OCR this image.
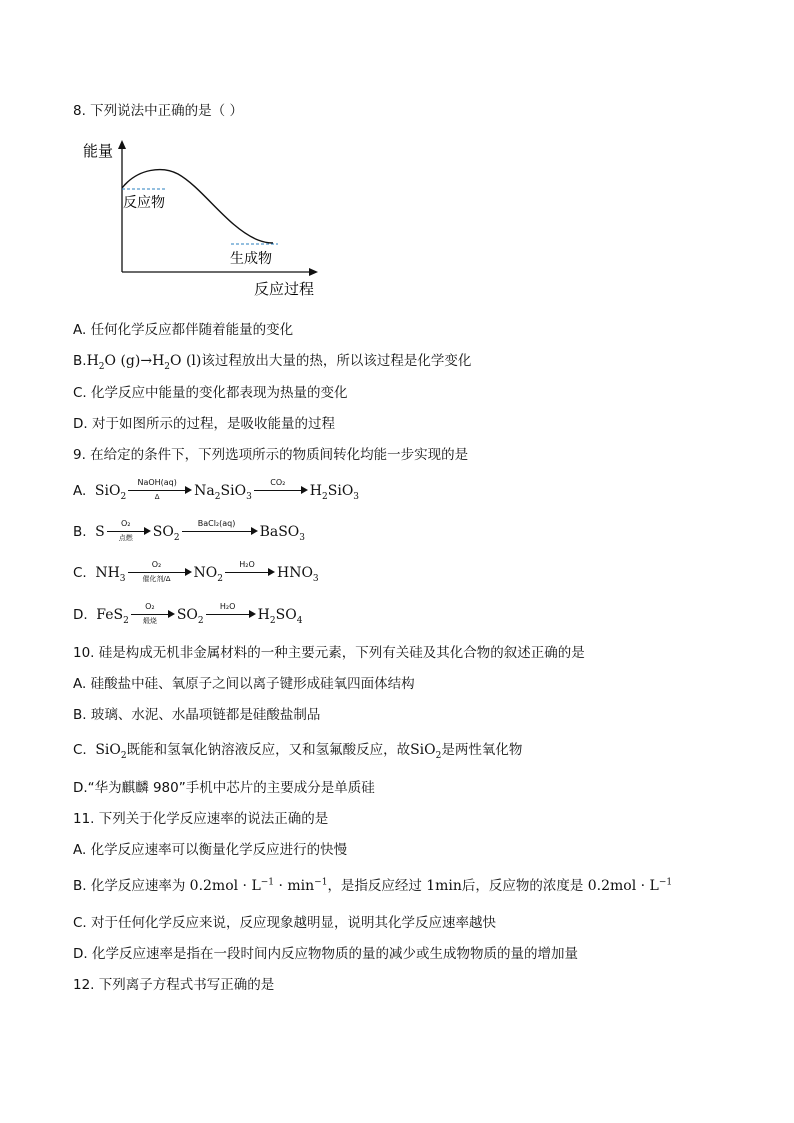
8. 下列说法中正确的是（ ）
能量
反应物
生成物
反应过程
A. 任何化学反应都伴随着能量的变化
$B.H_2O$ $(g)\to H_2O$ (l)该过程放出大量的热，所以该过程是化学变化
C. 化学反应中能量的变化都表现为热量的变化
D. 对于如图所示的过程，是吸收能量的过程
9. 在给定的条件下，下列选项所示的物质间转化均能一步实现的是
A. SiO$_2$
NaOH(aq)
Δ	$Na_2SiO_3$
CO₂
$H_2SiO_3$
B. S
O₂
点燃	$SO_2$
BaCl₂(aq)
BaSO$_3$
C. $NH_3$
O₂
催化剂/Δ	$NO_2$
H₂O
$HNO_3$
D. FeS$_2$
O₂
煅烧	$SO_2$
H₂O
$H_2SO_4$
10. 硅是构成无机非金属材料的一种主要元素，下列有关硅及其化合物的叙述正确的是
A. 硅酸盐中硅、氧原子之间以离子键形成硅氧四面体结构
B. 玻璃、水泥、水晶项链都是硅酸盐制品
C. SiO$_2$既能和氢氧化钠溶液反应，又和氢氟酸反应，故SiO$_2$是两性氧化物
D.“华为麒麟 980”手机中芯片的主要成分是单质硅
11. 下列关于化学反应速率的说法正确的是
A. 化学反应速率可以衡量化学反应进行的快慢
B. 化学反应速率为 $0.2mol \cdot L^{-1} \cdot \min^{-1}$，是指反应经过 1min后，反应物的浓度是 $0.2mol \cdot L^{-1}$
C. 对于任何化学反应来说，反应现象越明显，说明其化学反应速率越快
D. 化学反应速率是指在一段时间内反应物物质的量的减少或生成物物质的量的增加量
12. 下列离子方程式书写正确的是
